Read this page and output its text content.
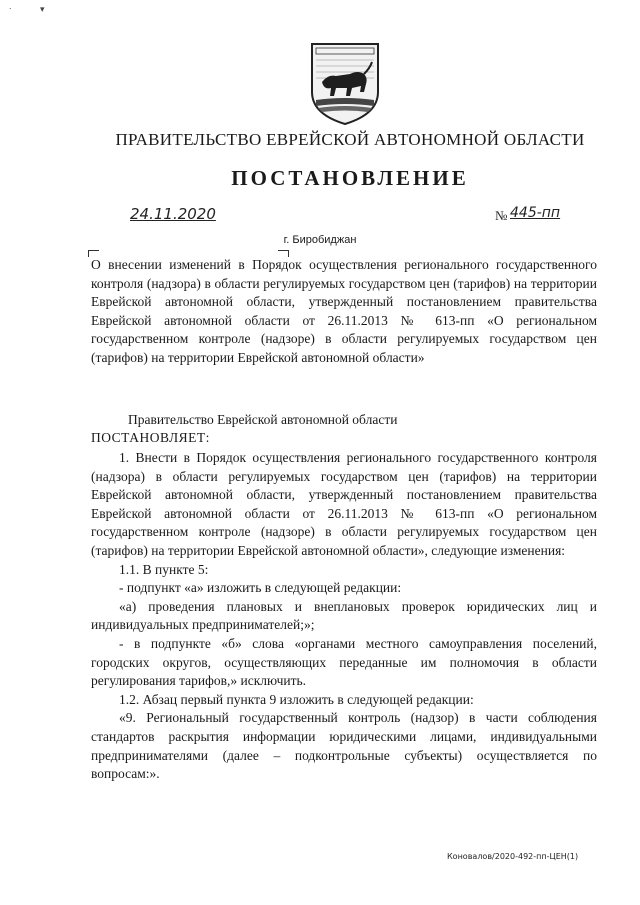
˙	▾
ПРАВИТЕЛЬСТВО ЕВРЕЙСКОЙ АВТОНОМНОЙ ОБЛАСТИ
ПОСТАНОВЛЕНИЕ
24.11.2020	№ 445-пп
г. Биробиджан

О внесении изменений в Порядок осуществления регионального государственного контроля (надзора) в области регулируемых государством цен (тарифов) на территории Еврейской автономной области, утвержденный постановлением правительства Еврейской автономной области от 26.11.2013 № 613-пп «О региональном государственном контроле (надзоре) в области регулируемых государством цен (тарифов) на территории Еврейской автономной области»

Правительство Еврейской автономной области

ПОСТАНОВЛЯЕТ:

1. Внести в Порядок осуществления регионального государственного контроля (надзора) в области регулируемых государством цен (тарифов) на территории Еврейской автономной области, утвержденный постановлением правительства Еврейской автономной области от 26.11.2013 № 613-пп «О региональном государственном контроле (надзоре) в области регулируемых государством цен (тарифов) на территории Еврейской автономной области», следующие изменения:

1.1. В пункте 5:

- подпункт «а» изложить в следующей редакции:

«а) проведения плановых и внеплановых проверок юридических лиц и индивидуальных предпринимателей;»;

- в подпункте «б» слова «органами местного самоуправления поселений, городских округов, осуществляющих переданные им полномочия в области регулирования тарифов,» исключить.

1.2. Абзац первый пункта 9 изложить в следующей редакции:

«9. Региональный государственный контроль (надзор) в части соблюдения стандартов раскрытия информации юридическими лицами, индивидуальными предпринимателями (далее – подконтрольные субъекты) осуществляется по вопросам:».

Коновалов/2020-492-пп-ЦЕН(1)
